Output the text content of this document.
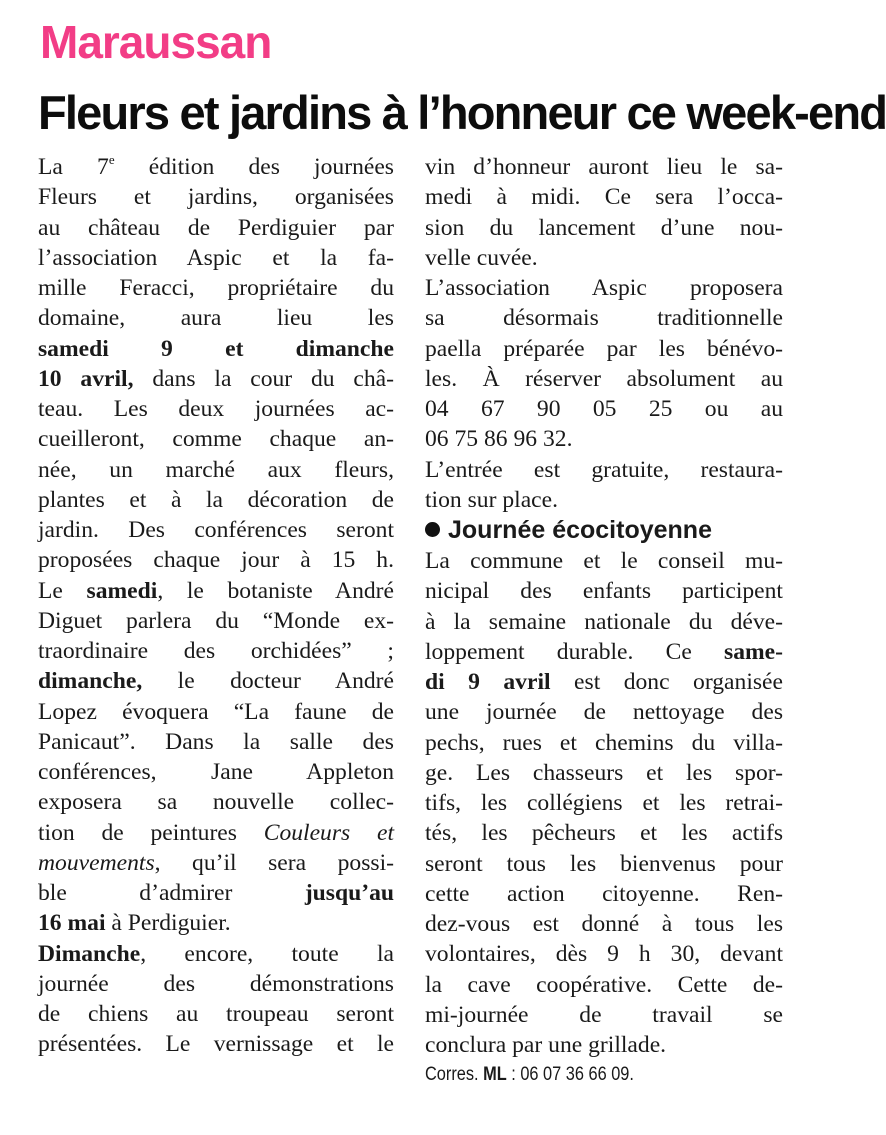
Maraussan
Fleurs et jardins à l’honneur ce week-end
La 7e édition des journées
Fleurs et jardins, organisées
au château de Perdiguier par
l’association Aspic et la fa-
mille Feracci, propriétaire du
domaine, aura lieu les
samedi 9 et dimanche
10 avril, dans la cour du châ-
teau. Les deux journées ac-
cueilleront, comme chaque an-
née, un marché aux fleurs,
plantes et à la décoration de
jardin. Des conférences seront
proposées chaque jour à 15 h.
Le samedi, le botaniste André
Diguet parlera du “Monde ex-
traordinaire des orchidées” ;
dimanche, le docteur André
Lopez évoquera “La faune de
Panicaut”. Dans la salle des
conférences, Jane Appleton
exposera sa nouvelle collec-
tion de peintures Couleurs et
mouvements, qu’il sera possi-
ble d’admirer jusqu’au
16 mai à Perdiguier.
Dimanche, encore, toute la
journée des démonstrations
de chiens au troupeau seront
présentées. Le vernissage et le
vin d’honneur auront lieu le sa-
medi à midi. Ce sera l’occa-
sion du lancement d’une nou-
velle cuvée.
L’association Aspic proposera
sa désormais traditionnelle
paella préparée par les bénévo-
les. À réserver absolument au
04 67 90 05 25 ou au
06 75 86 96 32.
L’entrée est gratuite, restaura-
tion sur place.
Journée écocitoyenne
La commune et le conseil mu-
nicipal des enfants participent
à la semaine nationale du déve-
loppement durable. Ce same-
di 9 avril est donc organisée
une journée de nettoyage des
pechs, rues et chemins du villa-
ge. Les chasseurs et les spor-
tifs, les collégiens et les retrai-
tés, les pêcheurs et les actifs
seront tous les bienvenus pour
cette action citoyenne. Ren-
dez-vous est donné à tous les
volontaires, dès 9 h 30, devant
la cave coopérative. Cette de-
mi-journée de travail se
conclura par une grillade.
Corres. ML : 06 07 36 66 09.
